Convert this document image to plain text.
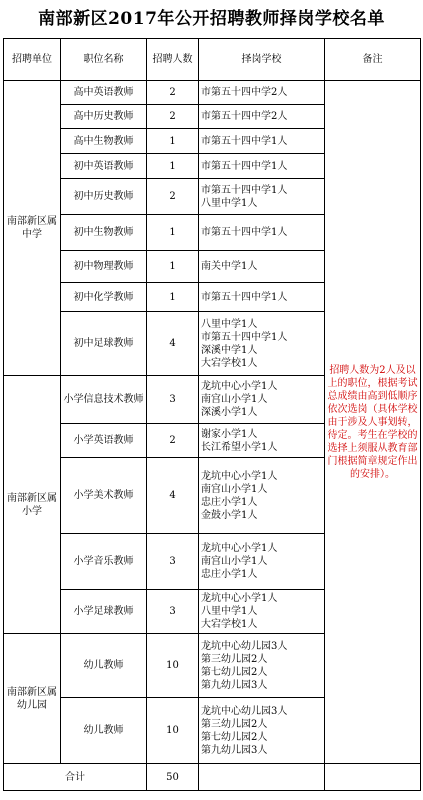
南部新区2017年公开招聘教师择岗学校名单
招聘单位	职位名称	招聘人数	择岗学校	备注
南部新区属中学	高中英语教师	2	市第五十四中学2人	招聘人数为2人及以上的职位，根据考试总成绩由高到低顺序依次选岗（具体学校由于涉及人事划转，待定。考生在学校的选择上须服从教育部门根据简章规定作出的安排）。
	高中历史教师	2	市第五十四中学2人	

	高中生物教师	1	市第五十四中学1人	

	初中英语教师	1	市第五十四中学1人	

	初中历史教师	2	市第五十四中学1人
八里中学1人	

	初中生物教师	1	市第五十四中学1人	

	初中物理教师	1	南关中学1人	

	初中化学教师	1	市第五十四中学1人	

	初中足球教师	4	八里中学1人
市第五十四中学1人
深溪中学1人
大宕学校1人	

南部新区属小学	小学信息技术教师	3	龙坑中心小学1人
南宫山小学1人
深溪小学1人	

	小学英语教师	2	谢家小学1人
长江希望小学1人	

	小学美术教师	4	龙坑中心小学1人
南宫山小学1人
忠庄小学1人
金鼓小学1人	

	小学音乐教师	3	龙坑中心小学1人
南宫山小学1人
忠庄小学1人	

	小学足球教师	3	龙坑中心小学1人
八里中学1人
大宕学校1人	

南部新区属幼儿园	幼儿教师	10	龙坑中心幼儿园3人
第三幼儿园2人
第七幼儿园2人
第九幼儿园3人	

	幼儿教师	10	龙坑中心幼儿园3人
第三幼儿园2人
第七幼儿园2人
第九幼儿园3人	

合计		50		
